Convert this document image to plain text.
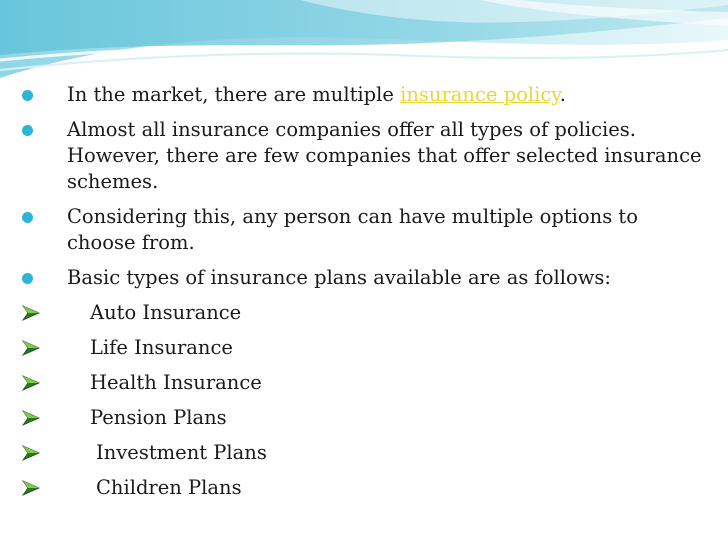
In the market, there are multiple insurance policy.
Almost all insurance companies offer all types of policies. However, there are few companies that offer selected insurance schemes.
Considering this, any person can have multiple options to choose from.
Basic types of insurance plans available are as follows:
Auto Insurance
Life Insurance
Health Insurance
Pension Plans
Investment Plans
Children Plans
